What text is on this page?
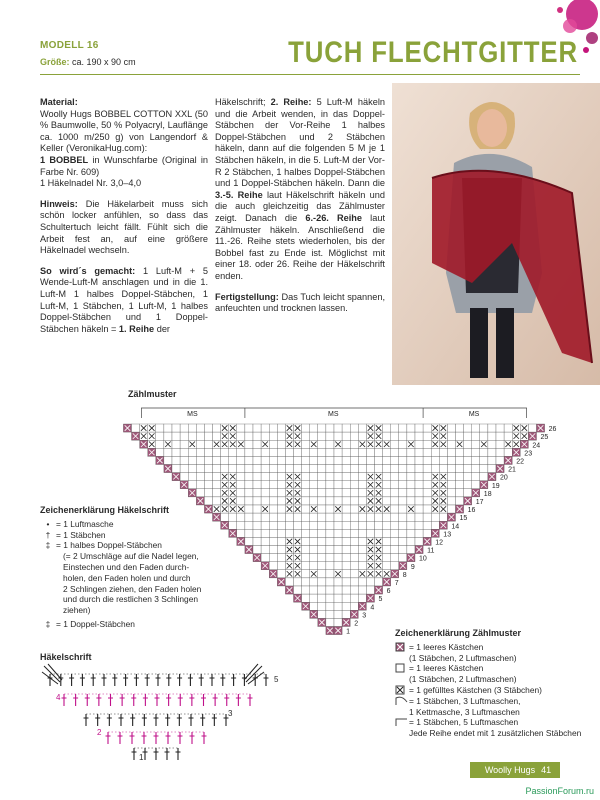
MODELL 16
Größe: ca. 190 x 90 cm	TUCH FLECHTGITTER

Material:
Woolly Hugs BOBBEL COTTON XXL (50 % Baumwolle, 50 % Polyacryl, Lauflänge ca. 1000 m/250 g) von Langendorf & Keller (VeronikaHug.com):
1 BOBBEL in Wunschfarbe (Original in Farbe Nr. 609)
1 Häkelnadel Nr. 3,0–4,0

Hinweis: Die Häkelarbeit muss sich schön locker anfühlen, so dass das Schultertuch leicht fällt. Fühlt sich die Arbeit fest an, auf eine größere Häkelnadel wechseln.

So wird´s gemacht: 1 Luft-M + 5 Wende-Luft-M anschlagen und in die 1. Luft-M 1 halbes Doppel-Stäbchen, 1 Luft-M, 1 Stäbchen, 1 Luft-M, 1 halbes Doppel-Stäbchen und 1 Doppel-Stäbchen häkeln = 1. Reihe der

Häkelschrift; 2. Reihe: 5 Luft-M häkeln und die Arbeit wenden, in das Doppel-Stäbchen der Vor-Reihe 1 halbes Doppel-Stäbchen und 2 Stäbchen häkeln, dann auf die folgenden 5 M je 1 Stäbchen häkeln, in die 5. Luft-M der Vor-R 2 Stäbchen, 1 halbes Doppel-Stäbchen und 1 Doppel-Stäbchen häkeln. Dann die 3.-5. Reihe laut Häkelschrift häkeln und die auch gleichzeitig das Zählmuster zeigt. Danach die 6.-26. Reihe laut Zählmuster häkeln. Anschließend die 11.-26. Reihe stets wiederholen, bis der Bobbel fast zu Ende ist. Möglichst mit einer 18. oder 26. Reihe der Häkelschrift enden.

Fertigstellung: Das Tuch leicht spannen, anfeuchten und trocknen lassen.

Zählmuster
MS	MS	MS
26
25
24
23
22
21
20
19
18
17
16
15
14
13
12
11
10
9
8
7
6
5
4
3
2
1
Zeichenerklärung Häkelschrift
• = 1 Luftmasche
† = 1 Stäbchen
‡ = 1 halbes Doppel-Stäbchen
(= 2 Umschläge auf die Nadel legen,
Einstechen und den Faden durch-
holen, den Faden holen und durch
2 Schlingen ziehen, den Faden holen
und durch die restlichen 3 Schlingen
ziehen)
‡ = 1 Doppel-Stäbchen
Häkelschrift
1
2
3
4
5
Zeichenerklärung Zählmuster
= 1 leeres Kästchen
(1 Stäbchen, 2 Luftmaschen)
= 1 leeres Kästchen
(1 Stäbchen, 2 Luftmaschen)
= 1 gefülltes Kästchen (3 Stäbchen)
= 1 Stäbchen, 3 Luftmaschen,
1 Kettmasche, 3 Luftmaschen
= 1 Stäbchen, 5 Luftmaschen
Jede Reihe endet mit 1 zusätzlichen Stäbchen
Woolly Hugs 41
PassionForum.ru
